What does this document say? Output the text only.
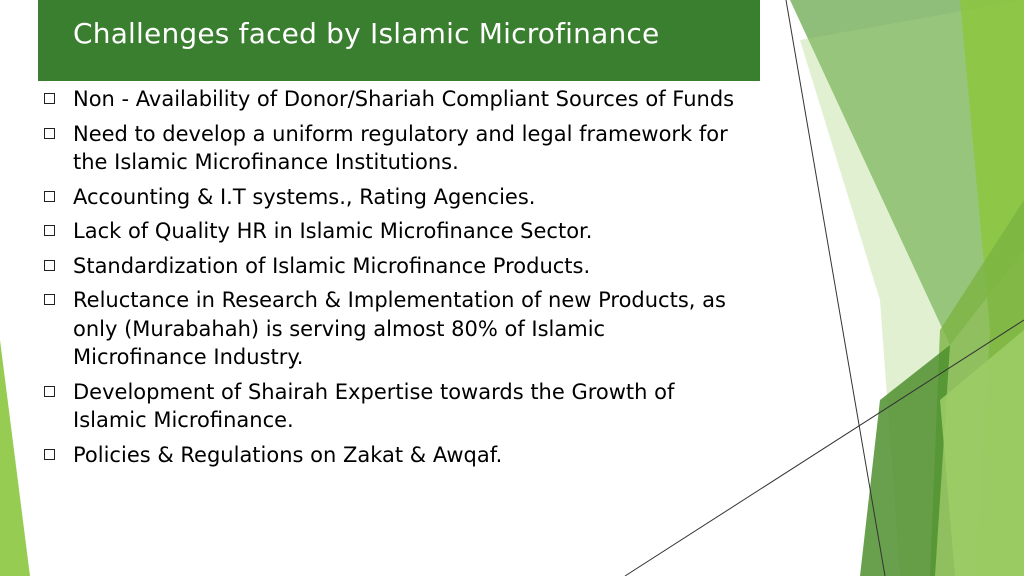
Challenges faced by Islamic Microfinance
Non - Availability of Donor/Shariah Compliant Sources of Funds
Need to develop a uniform regulatory and legal framework for the Islamic Microfinance Institutions.
Accounting & I.T systems., Rating Agencies.
Lack of Quality HR in Islamic Microfinance Sector.
Standardization of Islamic Microfinance Products.
Reluctance in Research & Implementation of new Products, as only (Murabahah) is serving almost 80% of Islamic Microfinance Industry.
Development of Shairah Expertise towards the Growth of Islamic Microfinance.
Policies & Regulations on Zakat & Awqaf.
